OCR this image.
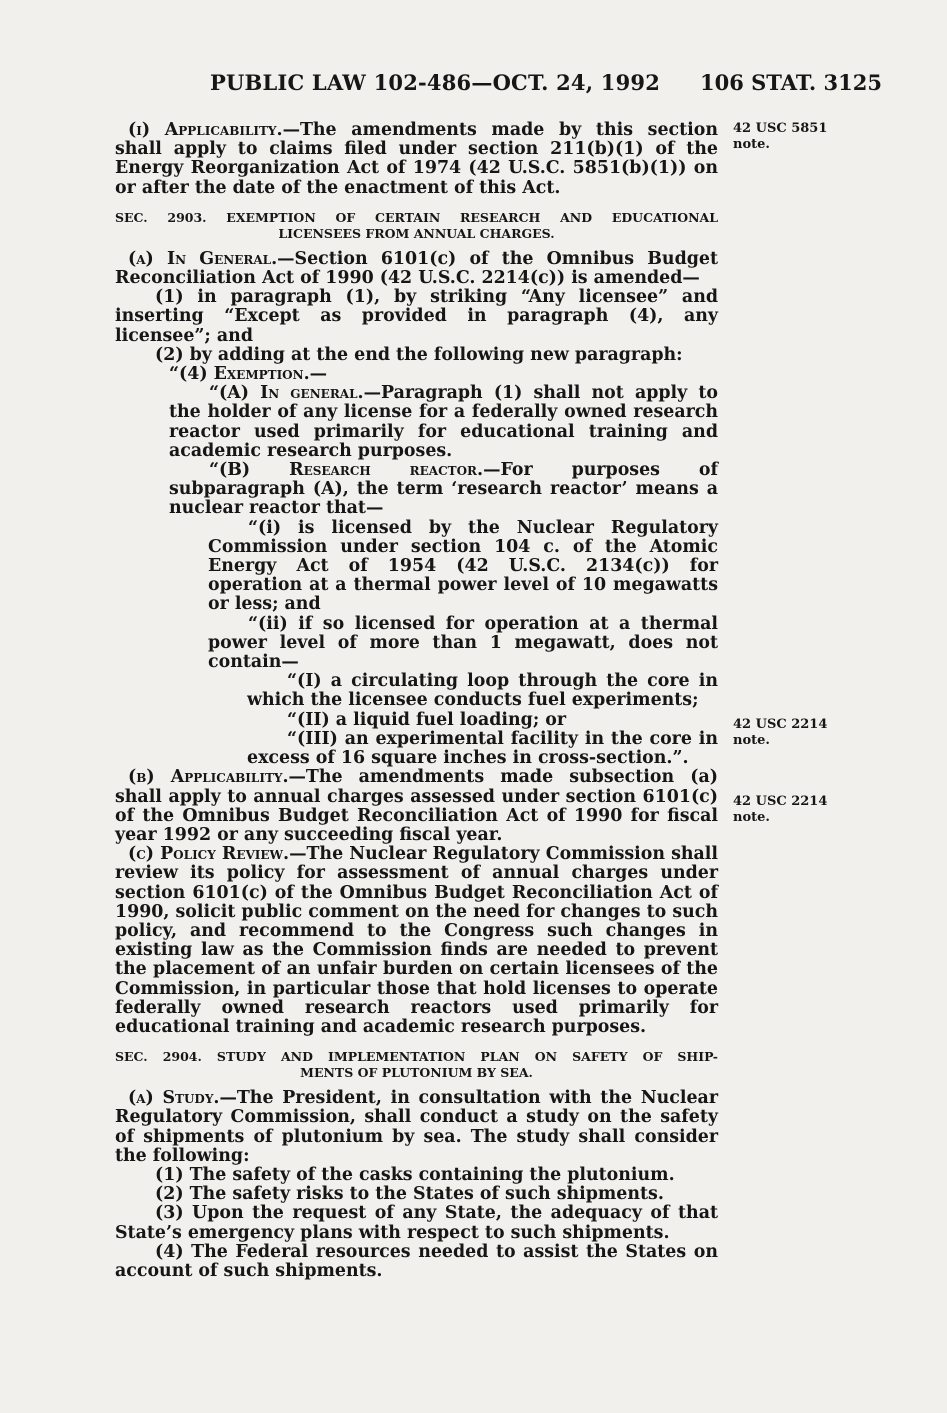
PUBLIC LAW 102-486—OCT. 24, 1992 106 STAT. 3125
42 USC 5851
note.
42 USC 2214
note.
42 USC 2214
note.

(i) Applicability.—The amendments made by this section shall apply to claims filed under section 211(b)(1) of the Energy Reorganization Act of 1974 (42 U.S.C. 5851(b)(1)) on or after the date of the enactment of this Act.

SEC. 2903. EXEMPTION OF CERTAIN RESEARCH AND EDUCATIONAL
LICENSEES FROM ANNUAL CHARGES.

(a) In General.—Section 6101(c) of the Omnibus Budget Reconciliation Act of 1990 (42 U.S.C. 2214(c)) is amended—

(1) in paragraph (1), by striking “Any licensee” and inserting “Except as provided in paragraph (4), any licensee”; and

(2) by adding at the end the following new paragraph:

“(4) Exemption.—

“(A) In general.—Paragraph (1) shall not apply to the holder of any license for a federally owned research reactor used primarily for educational training and academic research purposes.

“(B) Research reactor.—For purposes of subparagraph (A), the term ‘research reactor’ means a nuclear reactor that—

“(i) is licensed by the Nuclear Regulatory Commission under section 104 c. of the Atomic Energy Act of 1954 (42 U.S.C. 2134(c)) for operation at a thermal power level of 10 megawatts or less; and

“(ii) if so licensed for operation at a thermal power level of more than 1 megawatt, does not contain—

“(I) a circulating loop through the core in which the licensee conducts fuel experiments;

“(II) a liquid fuel loading; or

“(III) an experimental facility in the core in excess of 16 square inches in cross-section.”.

(b) Applicability.—The amendments made subsection (a) shall apply to annual charges assessed under section 6101(c) of the Omnibus Budget Reconciliation Act of 1990 for fiscal year 1992 or any succeeding fiscal year.

(c) Policy Review.—The Nuclear Regulatory Commission shall review its policy for assessment of annual charges under section 6101(c) of the Omnibus Budget Reconciliation Act of 1990, solicit public comment on the need for changes to such policy, and recommend to the Congress such changes in existing law as the Commission finds are needed to prevent the placement of an unfair burden on certain licensees of the Commission, in particular those that hold licenses to operate federally owned research reactors used primarily for educational training and academic research purposes.

SEC. 2904. STUDY AND IMPLEMENTATION PLAN ON SAFETY OF SHIP-
MENTS OF PLUTONIUM BY SEA.

(a) Study.—The President, in consultation with the Nuclear Regulatory Commission, shall conduct a study on the safety of shipments of plutonium by sea. The study shall consider the following:

(1) The safety of the casks containing the plutonium.

(2) The safety risks to the States of such shipments.

(3) Upon the request of any State, the adequacy of that State’s emergency plans with respect to such shipments.

(4) The Federal resources needed to assist the States on account of such shipments.
